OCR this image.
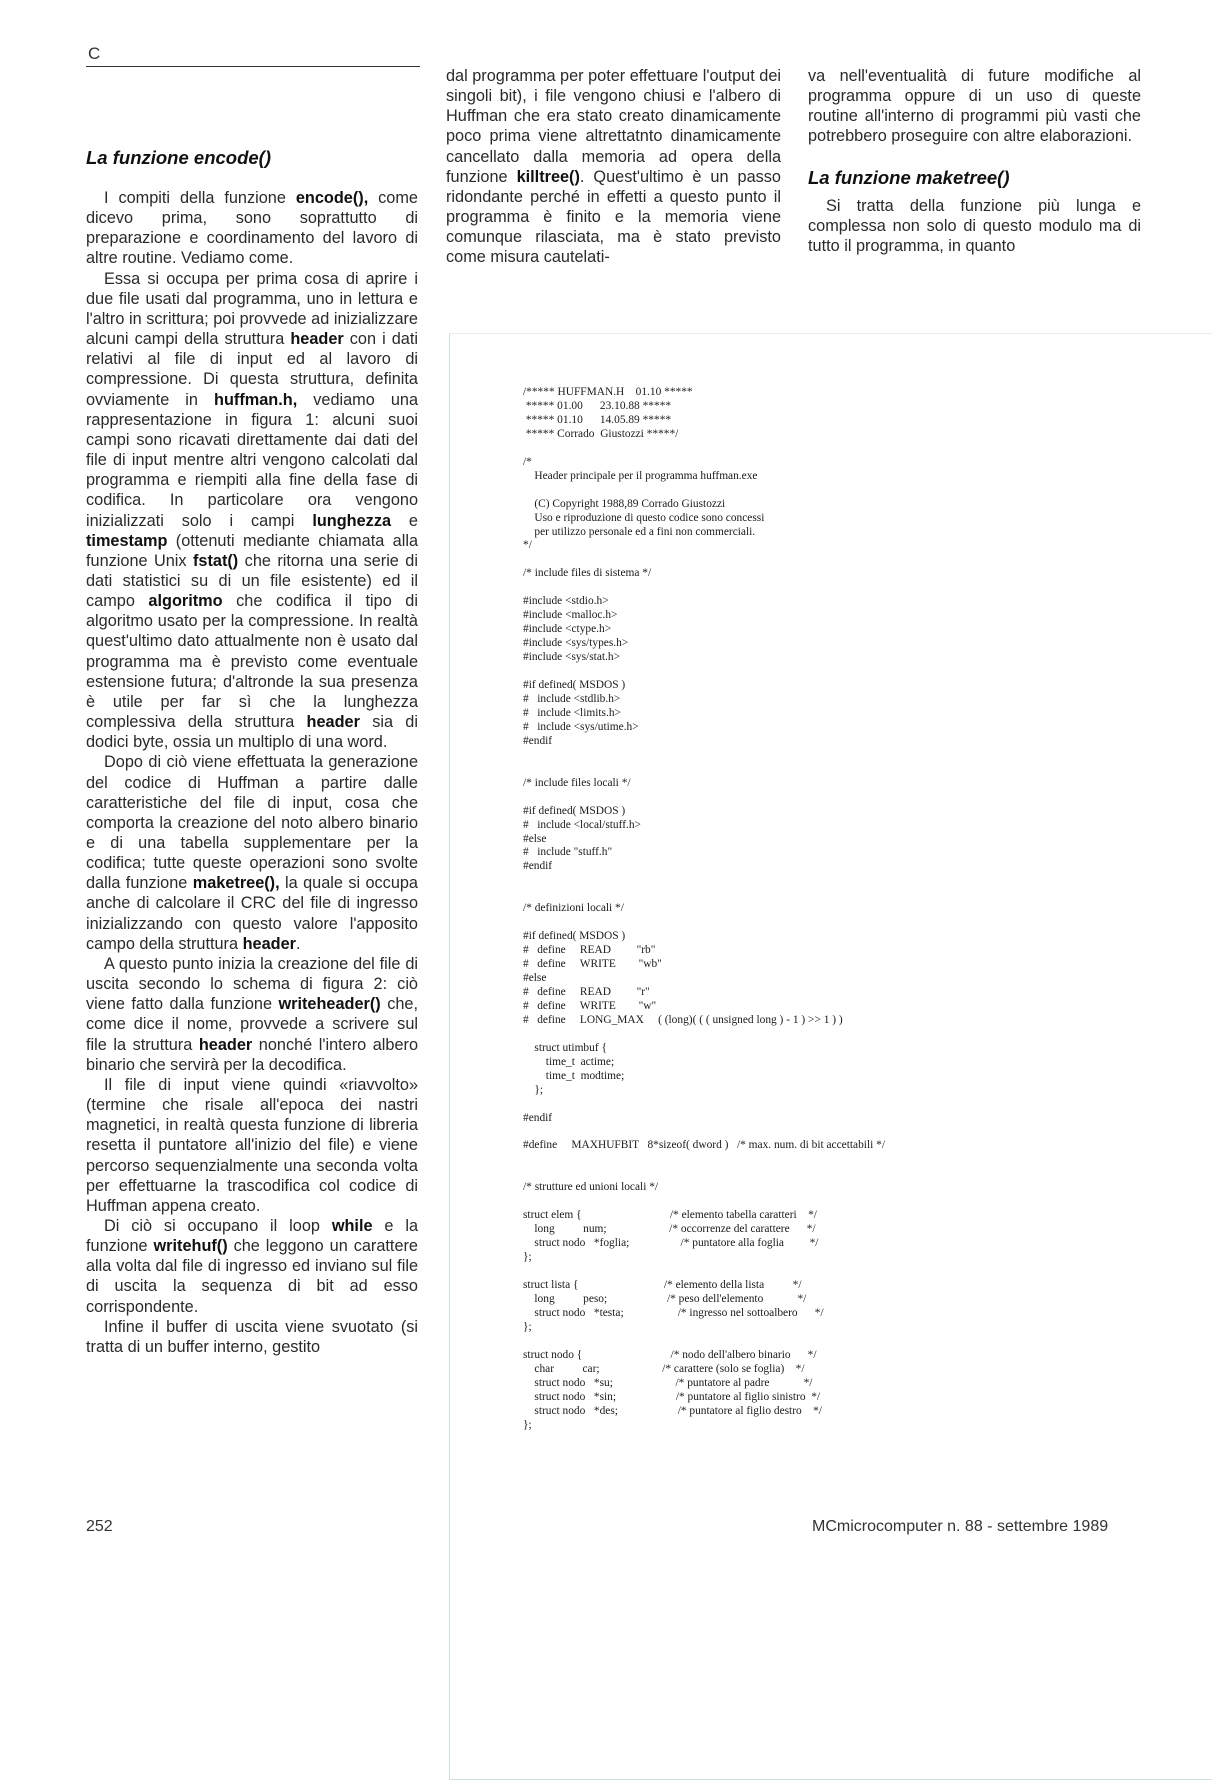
C
La funzione encode()

I compiti della funzione encode(), come dicevo prima, sono soprattutto di preparazione e coordinamento del lavoro di altre routine. Vediamo come.

Essa si occupa per prima cosa di aprire i due file usati dal programma, uno in lettura e l'altro in scrittura; poi provvede ad inizializzare alcuni campi della struttura header con i dati relativi al file di input ed al lavoro di compressione. Di questa struttura, definita ovviamente in huffman.h, vediamo una rappresentazione in figura 1: alcuni suoi campi sono ricavati direttamente dai dati del file di input mentre altri vengono calcolati dal programma e riempiti alla fine della fase di codifica. In particolare ora vengono inizializzati solo i campi lunghezza e timestamp (ottenuti mediante chiamata alla funzione Unix fstat() che ritorna una serie di dati statistici su di un file esistente) ed il campo algoritmo che codifica il tipo di algoritmo usato per la compressione. In realtà quest'ultimo dato attualmente non è usato dal programma ma è previsto come eventuale estensione futura; d'altronde la sua presenza è utile per far sì che la lunghezza complessiva della struttura header sia di dodici byte, ossia un multiplo di una word.

Dopo di ciò viene effettuata la generazione del codice di Huffman a partire dalle caratteristiche del file di input, cosa che comporta la creazione del noto albero binario e di una tabella supplementare per la codifica; tutte queste operazioni sono svolte dalla funzione maketree(), la quale si occupa anche di calcolare il CRC del file di ingresso inizializzando con questo valore l'apposito campo della struttura header.

A questo punto inizia la creazione del file di uscita secondo lo schema di figura 2: ciò viene fatto dalla funzione writeheader() che, come dice il nome, provvede a scrivere sul file la struttura header nonché l'intero albero binario che servirà per la decodifica.

Il file di input viene quindi «riavvolto» (termine che risale all'epoca dei nastri magnetici, in realtà questa funzione di libreria resetta il puntatore all'inizio del file) e viene percorso sequenzialmente una seconda volta per effettuarne la trascodifica col codice di Huffman appena creato.

Di ciò si occupano il loop while e la funzione writehuf() che leggono un carattere alla volta dal file di ingresso ed inviano sul file di uscita la sequenza di bit ad esso corrispondente.

Infine il buffer di uscita viene svuotato (si tratta di un buffer interno, gestito

dal programma per poter effettuare l'output dei singoli bit), i file vengono chiusi e l'albero di Huffman che era stato creato dinamicamente poco prima viene altrettatnto dinamicamente cancellato dalla memoria ad opera della funzione killtree(). Quest'ultimo è un passo ridondante perché in effetti a questo punto il programma è finito e la memoria viene comunque rilasciata, ma è stato previsto come misura cautelati-

va nell'eventualità di future modifiche al programma oppure di un uso di queste routine all'interno di programmi più vasti che potrebbero proseguire con altre elaborazioni.

La funzione maketree()

Si tratta della funzione più lunga e complessa non solo di questo modulo ma di tutto il programma, in quanto

/***** HUFFMAN.H    01.10 *****
***** 01.00      23.10.88 *****
***** 01.10      14.05.89 *****
***** Corrado  Giustozzi *****/

/*
Header principale per il programma huffman.exe

(C) Copyright 1988,89 Corrado Giustozzi
Uso e riproduzione di questo codice sono concessi
per utilizzo personale ed a fini non commerciali.
*/

/* include files di sistema */

#include <stdio.h>
#include <malloc.h>
#include <ctype.h>
#include <sys/types.h>
#include <sys/stat.h>

#if defined( MSDOS )
#   include <stdlib.h>
#   include <limits.h>
#   include <sys/utime.h>
#endif

/* include files locali */

#if defined( MSDOS )
#   include <local/stuff.h>
#else
#   include "stuff.h"
#endif

/* definizioni locali */

#if defined( MSDOS )
#   define     READ         "rb"
#   define     WRITE        "wb"
#else
#   define     READ         "r"
#   define     WRITE        "w"
#   define     LONG_MAX     ( (long)( ( ( unsigned long ) - 1 ) >> 1 ) )

struct utimbuf {
time_t  actime;
time_t  modtime;
};

#endif

#define     MAXHUFBIT   8*sizeof( dword )   /* max. num. di bit accettabili */

/* strutture ed unioni locali */

struct elem {                               /* elemento tabella caratteri    */
long          num;                      /* occorrenze del carattere      */
struct nodo   *foglia;                  /* puntatore alla foglia         */
};

struct lista {                              /* elemento della lista          */
long          peso;                     /* peso dell'elemento            */
struct nodo   *testa;                   /* ingresso nel sottoalbero      */
};

struct nodo {                               /* nodo dell'albero binario      */
char          car;                      /* carattere (solo se foglia)    */
struct nodo   *su;                      /* puntatore al padre            */
struct nodo   *sin;                     /* puntatore al figlio sinistro  */
struct nodo   *des;                     /* puntatore al figlio destro    */
};
252	MCmicrocomputer n. 88 - settembre 1989
